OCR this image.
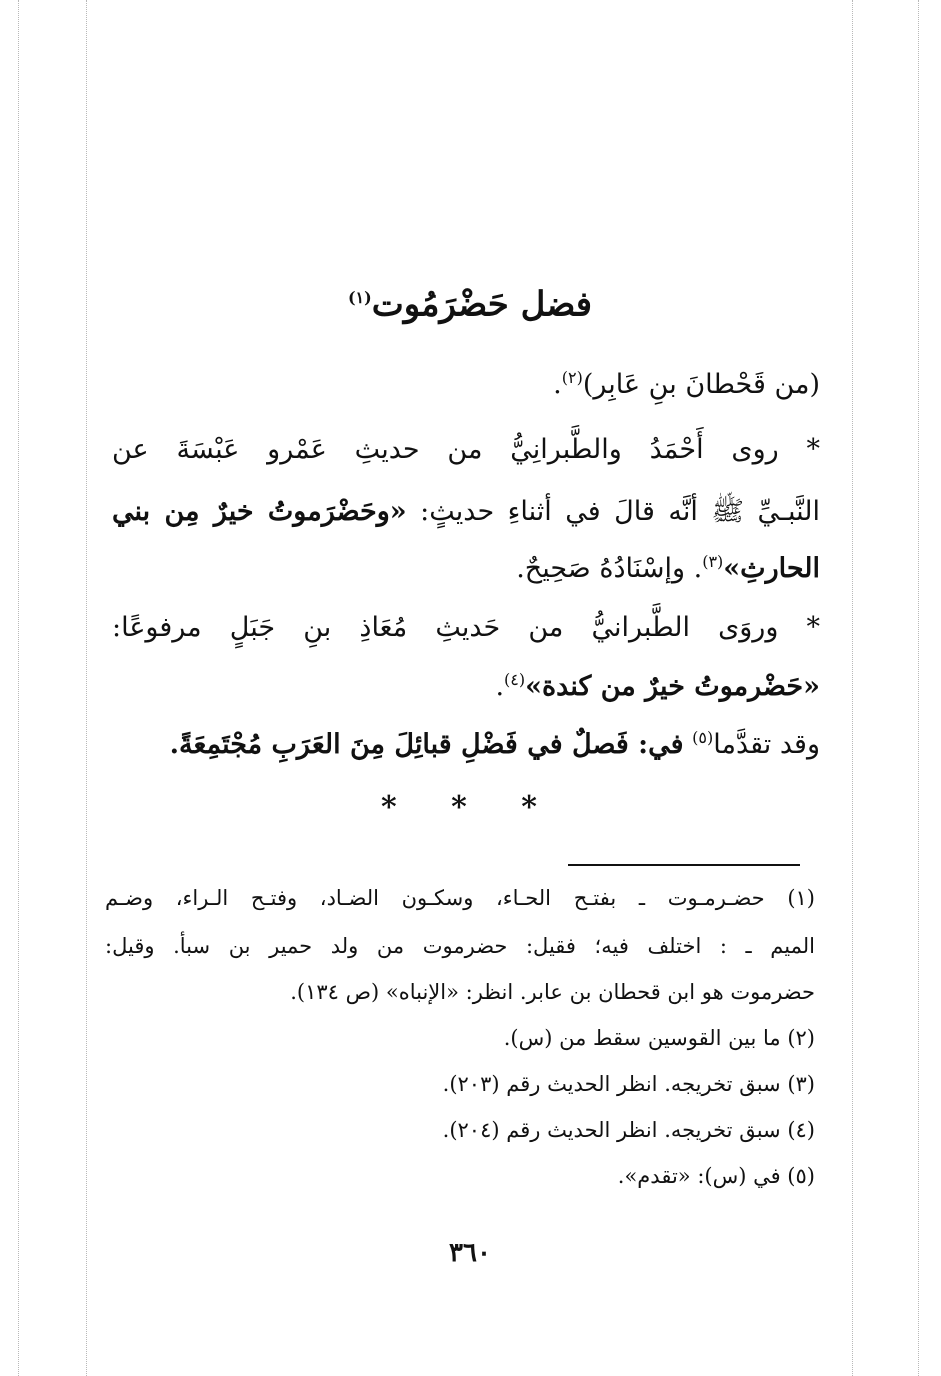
فضل حَضْرَمُوت$^{(١)}$
(من قَحْطانَ بنِ عَابِر)$^{(٢)}$.
* روى أَحْمَدُ والطَّبرانِيُّ من حديثِ عَمْرو عَبْسَةَ عن
النَّبـيِّ ﷺ أنَّه قالَ في أثناءِ حديثٍ: «وحَضْرَموتُ خيرٌ مِن بني
الحارثِ»$^{(٣)}$. وإسْنَادُهُ صَحِيحٌ.
* وروَى الطَّبرانيُّ من حَديثِ مُعَاذِ بنِ جَبَلٍ مرفوعًا:
«حَضْرموتُ خيرٌ من كندة»$^{(٤)}$.
وقد تقدَّما$^{(٥)}$ في: فَصلٌ في فَضْلِ قبائِلَ مِنَ العَرَبِ مُجْتَمِعَةً.
* * *
(١) حضـرمـوت ـ بفتـح الحـاء، وسكـون الضـاد، وفتـح الـراء، وضـم
الميم ـ : اختلف فيه؛ فقيل: حضرموت من ولد حمير بن سبأ. وقيل:
حضرموت هو ابن قحطان بن عابر. انظر: «الإنباه» (ص ١٣٤).
(٢) ما بين القوسين سقط من (س).
(٣) سبق تخريجه. انظر الحديث رقم (٢٠٣).
(٤) سبق تخريجه. انظر الحديث رقم (٢٠٤).
(٥) في (س): «تقدم».
٣٦٠
